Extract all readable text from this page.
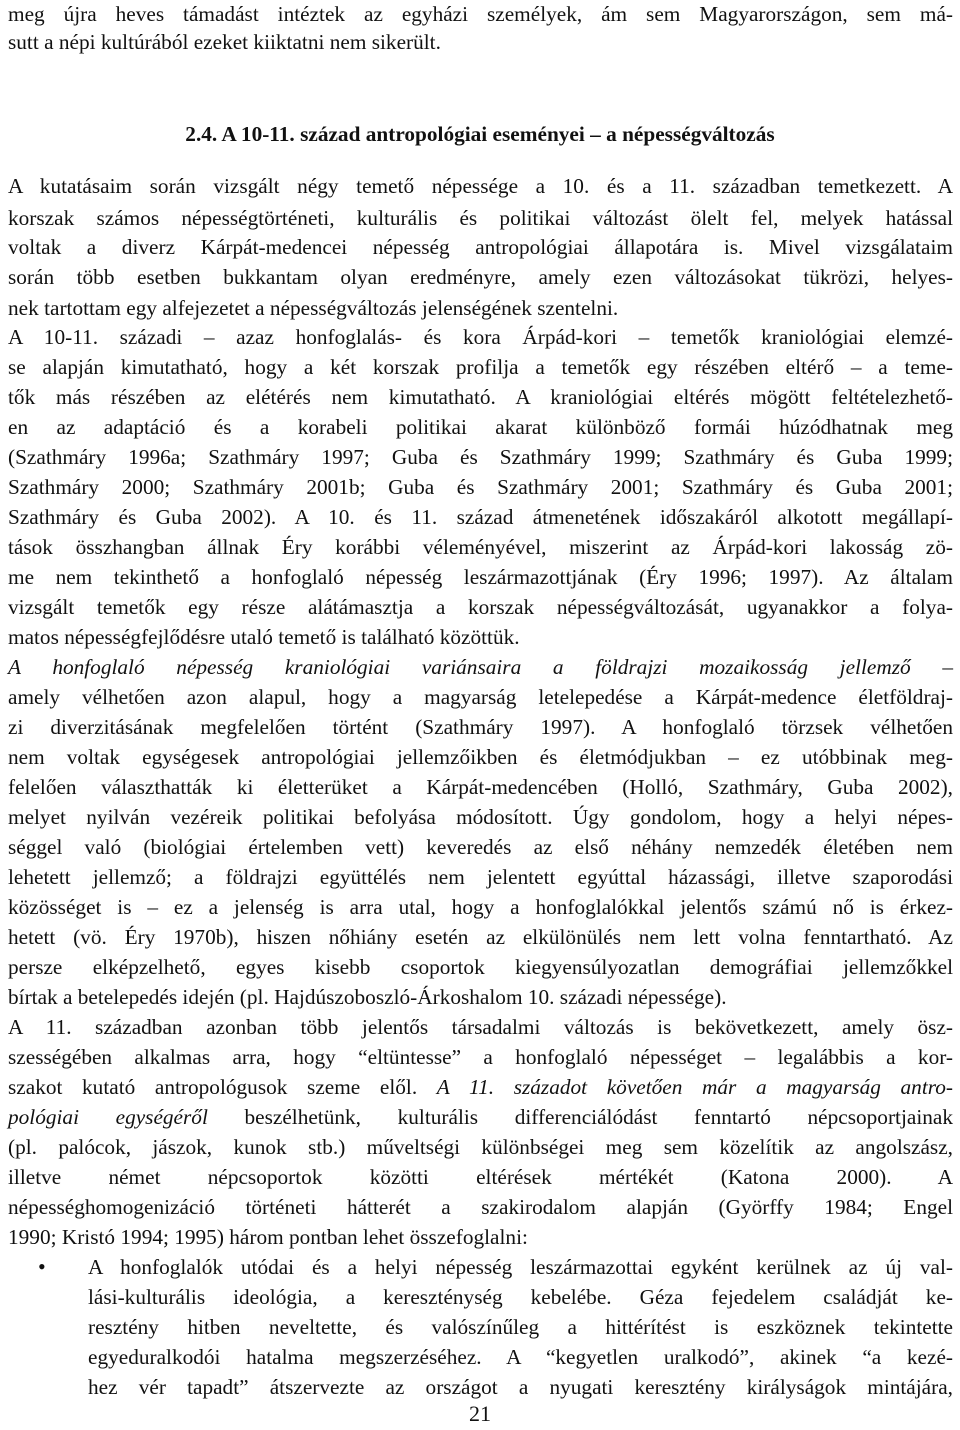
meg újra heves támadást intéztek az egyházi személyek, ám sem Magyarországon, sem má-
sutt a népi kultúrából ezeket kiiktatni nem sikerült.
2.4. A 10-11. század antropológiai eseményei – a népességváltozás
A kutatásaim során vizsgált négy temető népessége a 10. és a 11. században temetkezett. A
korszak számos népességtörténeti, kulturális és politikai változást ölelt fel, melyek hatással
voltak a diverz Kárpát-medencei népesség antropológiai állapotára is. Mivel vizsgálataim
során több esetben bukkantam olyan eredményre, amely ezen változásokat tükrözi, helyes-
nek tartottam egy alfejezetet a népességváltozás jelenségének szentelni.
A 10-11. századi – azaz honfoglalás- és kora Árpád-kori – temetők kraniológiai elemzé-
se alapján kimutatható, hogy a két korszak profilja a temetők egy részében eltérő – a teme-
tők más részében az elétérés nem kimutatható. A kraniológiai eltérés mögött feltételezhető-
en az adaptáció és a korabeli politikai akarat különböző formái húzódhatnak meg
(Szathmáry 1996a; Szathmáry 1997; Guba és Szathmáry 1999; Szathmáry és Guba 1999;
Szathmáry 2000; Szathmáry 2001b; Guba és Szathmáry 2001; Szathmáry és Guba 2001;
Szathmáry és Guba 2002). A 10. és 11. század átmenetének időszakáról alkotott megállapí-
tások összhangban állnak Éry korábbi véleményével, miszerint az Árpád-kori lakosság zö-
me nem tekinthető a honfoglaló népesség leszármazottjának (Éry 1996; 1997). Az általam
vizsgált temetők egy része alátámasztja a korszak népességváltozását, ugyanakkor a folya-
matos népességfejlődésre utaló temető is található közöttük.
A honfoglaló népesség kraniológiai variánsaira a földrajzi mozaikosság jellemző –
amely vélhetően azon alapul, hogy a magyarság letelepedése a Kárpát-medence életföldraj-
zi diverzitásának megfelelően történt (Szathmáry 1997). A honfoglaló törzsek vélhetően
nem voltak egységesek antropológiai jellemzőikben és életmódjukban – ez utóbbinak meg-
felelően választhatták ki életterüket a Kárpát-medencében (Holló, Szathmáry, Guba 2002),
melyet nyilván vezéreik politikai befolyása módosított. Úgy gondolom, hogy a helyi népes-
séggel való (biológiai értelemben vett) keveredés az első néhány nemzedék életében nem
lehetett jellemző; a földrajzi együttélés nem jelentett egyúttal házassági, illetve szaporodási
közösséget is – ez a jelenség is arra utal, hogy a honfoglalókkal jelentős számú nő is érkez-
hetett (vö. Éry 1970b), hiszen nőhiány esetén az elkülönülés nem lett volna fenntartható. Az
persze elképzelhető, egyes kisebb csoportok kiegyensúlyozatlan demográfiai jellemzőkkel
bírtak a betelepedés idején (pl. Hajdúszoboszló-Árkoshalom 10. századi népessége).
A 11. században azonban több jelentős társadalmi változás is bekövetkezett, amely ösz-
szességében alkalmas arra, hogy “eltüntesse” a honfoglaló népességet – legalábbis a kor-
szakot kutató antropológusok szeme elől. A 11. századot követően már a magyarság antro-
pológiai egységéről beszélhetünk, kulturális differenciálódást fenntartó népcsoportjainak
(pl. palócok, jászok, kunok stb.) műveltségi különbségei meg sem közelítik az angolszász,
illetve német népcsoportok közötti eltérések mértékét (Katona 2000). A
népességhomogenizáció történeti hátterét a szakirodalom alapján (Györffy 1984; Engel
1990; Kristó 1994; 1995) három pontban lehet összefoglalni:
• A honfoglalók utódai és a helyi népesség leszármazottai egyként kerülnek az új val-
lási-kulturális ideológia, a kereszténység kebelébe. Géza fejedelem családját ke-
resztény hitben neveltette, és valószínűleg a hittérítést is eszköznek tekintette
egyeduralkodói hatalma megszerzéséhez. A “kegyetlen uralkodó”, akinek “a kezé-
hez vér tapadt” átszervezte az országot a nyugati keresztény királyságok mintájára,
21
